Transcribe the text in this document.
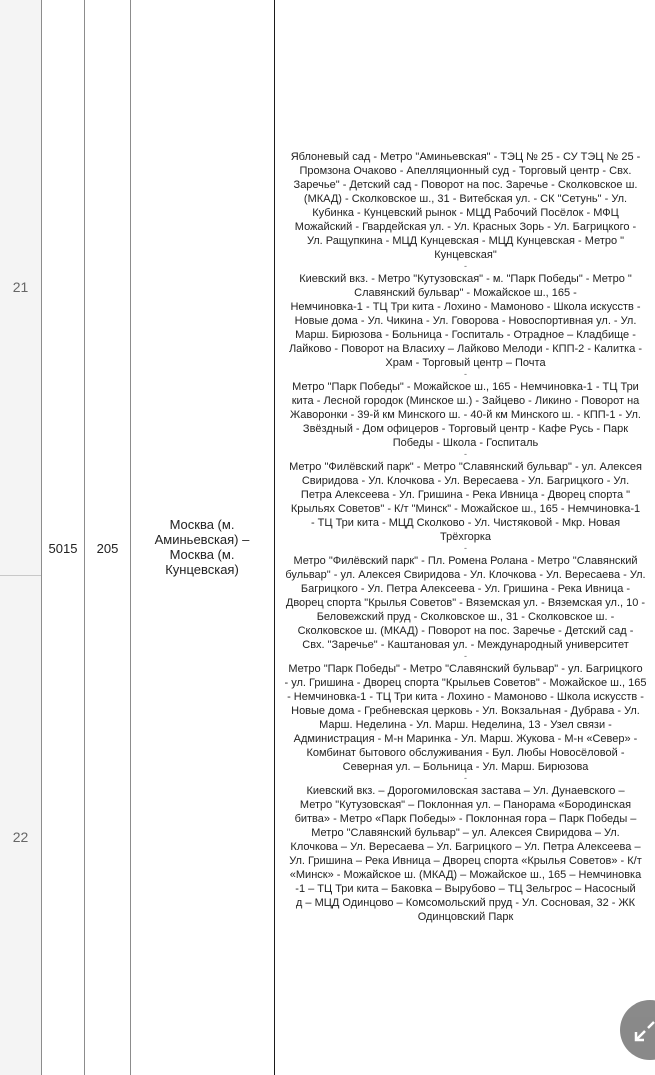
21
22
5015	205
Москва (м. Аминьевская) – Москва (м. Кунцевская)
Яблоневый сад - Метро "Аминьевская" - ТЭЦ № 25 - СУ ТЭЦ № 25 -
Промзона Очаково - Апелляционный суд - Торговый центр - Свх.
Заречье" - Детский сад - Поворот на пос. Заречье - Сколковское ш.
(МКАД) - Сколковское ш., 31 - Витебская ул. - СК "Сетунь" - Ул.
Кубинка - Кунцевский рынок - МЦД Рабочий Посёлок - МФЦ
Можайский - Гвардейская ул. - Ул. Красных Зорь - Ул. Багрицкого -
Ул. Ращупкина - МЦД Кунцевская - МЦД Кунцевская - Метро "
Кунцевская"
-
Киевский вкз. - Метро "Кутузовская" - м. "Парк Победы" - Метро "
Славянский бульвар" - Можайское ш., 165 -
Немчиновка-1 - ТЦ Три кита - Лохино - Мамоново - Школа искусств -
Новые дома - Ул. Чикина - Ул. Говорова - Новоспортивная ул. - Ул.
Марш. Бирюзова - Больница - Госпиталь - Отрадное – Кладбище -
Лайково - Поворот на Власиху – Лайково Мелоди - КПП-2 - Калитка -
Храм - Торговый центр – Почта
-
Метро "Парк Победы" - Можайское ш., 165 - Немчиновка-1 - ТЦ Три
кита - Лесной городок (Минское ш.) - Зайцево - Ликино - Поворот на
Жаворонки - 39-й км Минского ш. - 40-й км Минского ш. - КПП-1 - Ул.
Звёздный - Дом офицеров - Торговый центр - Кафе Русь - Парк
Победы - Школа - Госпиталь
-
Метро "Филёвский парк" - Метро "Славянский бульвар" - ул. Алексея
Свиридова - Ул. Клочкова - Ул. Вересаева - Ул. Багрицкого - Ул.
Петра Алексеева - Ул. Гришина - Река Ивница - Дворец спорта "
Крыльях Советов" - К/т "Минск" - Можайское ш., 165 - Немчиновка-1
- ТЦ Три кита - МЦД Сколково - Ул. Чистяковой - Мкр. Новая
Трёхгорка
-
Метро "Филёвский парк" - Пл. Ромена Ролана - Метро "Славянский
бульвар" - ул. Алексея Свиридова - Ул. Клочкова - Ул. Вересаева - Ул.
Багрицкого - Ул. Петра Алексеева - Ул. Гришина - Река Ивница -
Дворец спорта "Крылья Советов" - Вяземская ул. - Вяземская ул., 10 -
Беловежский пруд - Сколковское ш., 31 - Сколковское ш. -
Сколковское ш. (МКАД) - Поворот на пос. Заречье - Детский сад -
Свх. "Заречье" - Каштановая ул. - Международный университет
-
Метро "Парк Победы" - Метро "Славянский бульвар" - ул. Багрицкого
- ул. Гришина - Дворец спорта "Крыльев Советов" - Можайское ш., 165
- Немчиновка-1 - ТЦ Три кита - Лохино - Мамоново - Школа искусств -
Новые дома - Гребневская церковь - Ул. Вокзальная - Дубрава - Ул.
Марш. Неделина - Ул. Марш. Неделина, 13 - Узел связи -
Администрация - М-н Маринка - Ул. Марш. Жукова - М-н «Север» -
Комбинат бытового обслуживания - Бул. Любы Новосёловой -
Северная ул. – Больница - Ул. Марш. Бирюзова
-
Киевский вкз. – Дорогомиловская застава – Ул. Дунаевского –
Метро "Кутузовская" – Поклонная ул. – Панорама «Бородинская
битва» - Метро «Парк Победы» - Поклонная гора – Парк Победы –
Метро "Славянский бульвар" – ул. Алексея Свиридова – Ул.
Клочкова – Ул. Вересаева – Ул. Багрицкого – Ул. Петра Алексеева –
Ул. Гришина – Река Ивница – Дворец спорта «Крылья Советов» - К/т
«Минск» - Можайское ш. (МКАД) – Можайское ш., 165 – Немчиновка
-1 – ТЦ Три кита – Баковка – Вырубово – ТЦ Зельгрос – Насосный
д – МЦД Одинцово – Комсомольский пруд - Ул. Сосновая, 32 - ЖК
Одинцовский Парк
